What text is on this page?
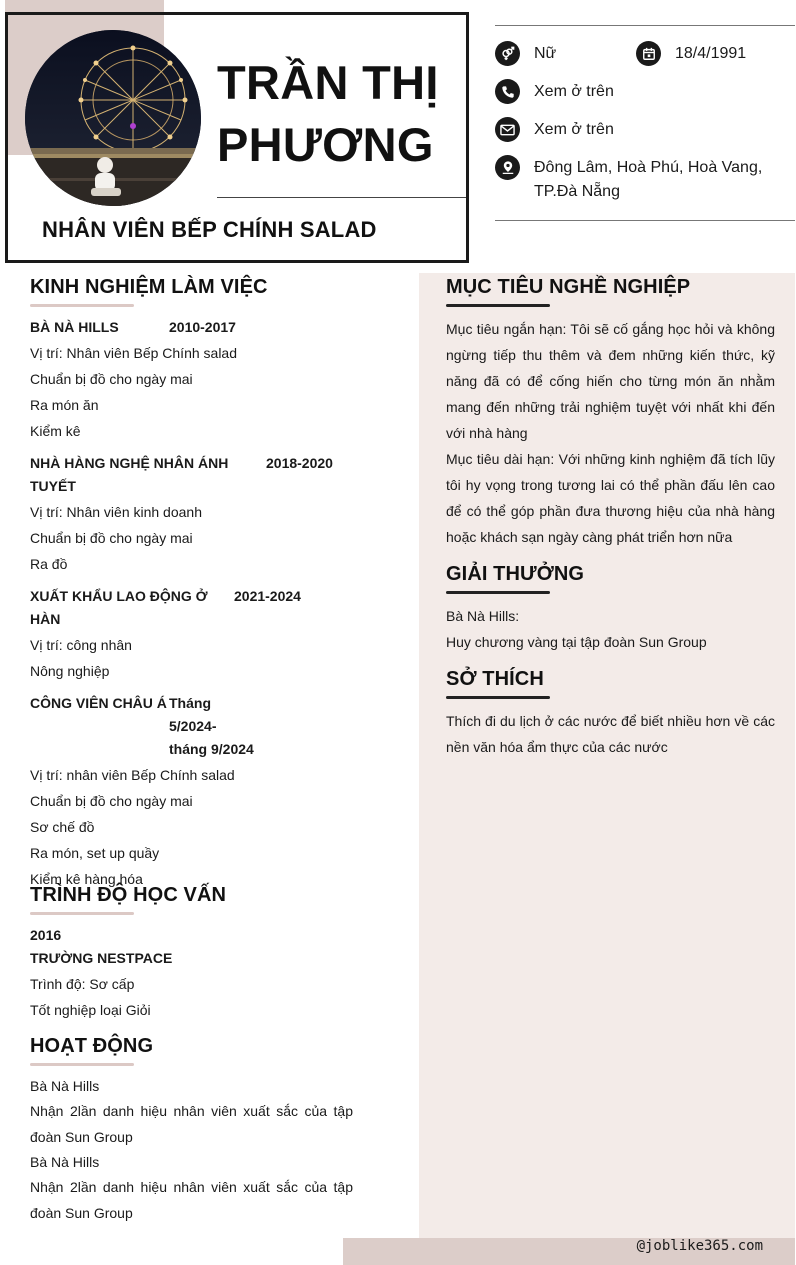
@joblike365.com
TRẦN THỊ
PHƯƠNG
NHÂN VIÊN BẾP CHÍNH SALAD
Nữ	18/4/1991
Xem ở trên
Xem ở trên
Đông Lâm, Hoà Phú, Hoà Vang,
TP.Đà Nẵng
KINH NGHIỆM LÀM VIỆC
BÀ NÀ HILLS	2010-2017
Vị trí: Nhân viên Bếp Chính salad
Chuẩn bị đồ cho ngày mai
Ra món ăn
Kiểm kê
NHÀ HÀNG NGHỆ NHÂN ÁNH
TUYẾT
2018-2020
Vị trí: Nhân viên kinh doanh
Chuẩn bị đồ cho ngày mai
Ra đồ
XUẤT KHẨU LAO ĐỘNG Ở HÀN
2021-2024
Vị trí: công nhân
Nông nghiệp
CÔNG VIÊN CHÂU Á Tháng
5/2024-
tháng 9/2024
Vị trí: nhân viên Bếp Chính salad
Chuẩn bị đồ cho ngày mai
Sơ chế đồ
Ra món, set up quầy
Kiểm kê hàng hóa
TRÌNH ĐỘ HỌC VẤN
2016
TRƯỜNG NESTPACE
Trình độ: Sơ cấp
Tốt nghiệp loại Giỏi
HOẠT ĐỘNG
Bà Nà Hills
Nhận 2lần danh hiệu nhân viên xuất sắc của tập đoàn Sun Group
Bà Nà Hills
Nhận 2lần danh hiệu nhân viên xuất sắc của tập đoàn Sun Group
MỤC TIÊU NGHỀ NGHIỆP
Mục tiêu ngắn hạn: Tôi sẽ cố gắng học hỏi và không ngừng tiếp thu thêm và đem những kiến thức, kỹ năng đã có để cống hiến cho từng món ăn nhằm mang đến những trải nghiệm tuyệt với nhất khi đến với nhà hàng
Mục tiêu dài hạn: Với những kinh nghiệm đã tích lũy tôi hy vọng trong tương lai có thể phần đấu lên cao để có thể góp phần đưa thương hiệu của nhà hàng hoặc khách sạn ngày càng phát triển hơn nữa
GIẢI THƯỞNG
Bà Nà Hills:
Huy chương vàng tại tập đoàn Sun Group
SỞ THÍCH
Thích đi du lịch ở các nước để biết nhiều hơn về các nền văn hóa ẩm thực của các nước
